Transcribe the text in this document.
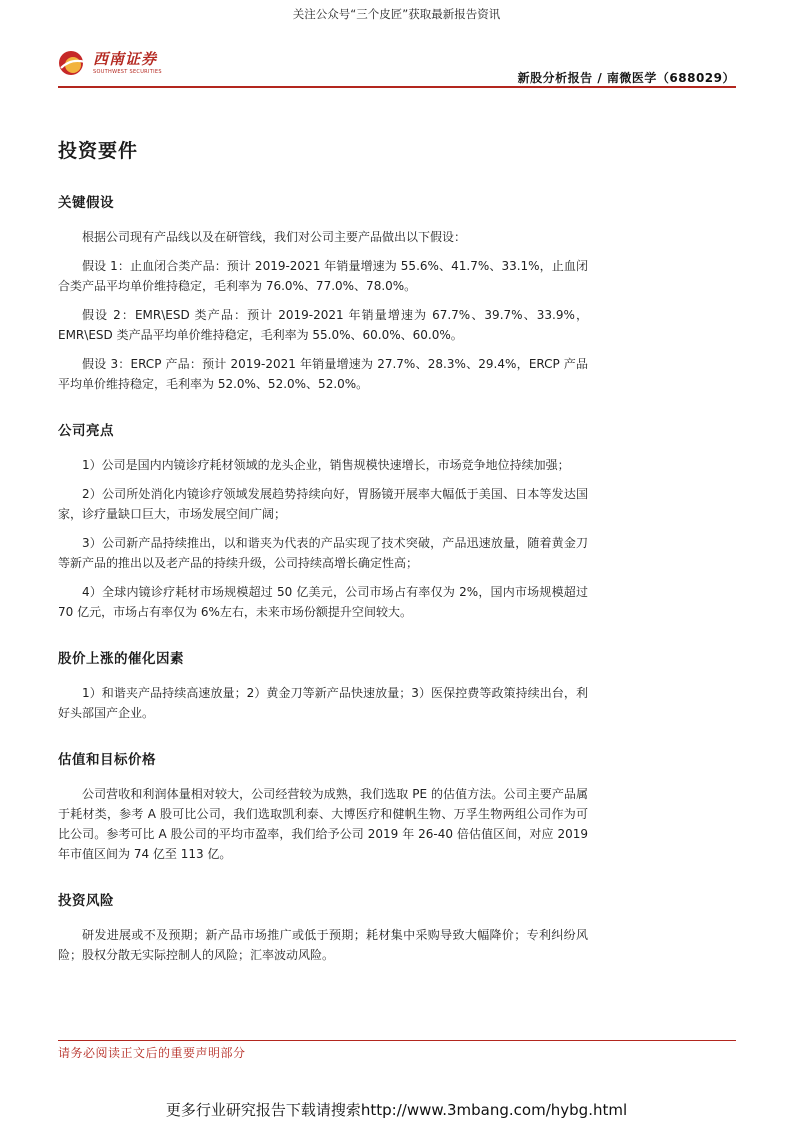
关注公众号“三个皮匠”获取最新报告资讯
西南证券
SOUTHWEST SECURITIES	新股分析报告 / 南微医学（688029）
投资要件
关键假设

根据公司现有产品线以及在研管线，我们对公司主要产品做出以下假设：

假设 1：止血闭合类产品：预计 2019-2021 年销量增速为 55.6%、41.7%、33.1%，止血闭合类产品平均单价维持稳定，毛利率为 76.0%、77.0%、78.0%。

假设 2：EMR\ESD 类产品：预计 2019-2021 年销量增速为 67.7%、39.7%、33.9%，EMR\ESD 类产品平均单价维持稳定，毛利率为 55.0%、60.0%、60.0%。

假设 3：ERCP 产品：预计 2019-2021 年销量增速为 27.7%、28.3%、29.4%，ERCP 产品平均单价维持稳定，毛利率为 52.0%、52.0%、52.0%。

公司亮点

1）公司是国内内镜诊疗耗材领域的龙头企业，销售规模快速增长，市场竞争地位持续加强；

2）公司所处消化内镜诊疗领域发展趋势持续向好，胃肠镜开展率大幅低于美国、日本等发达国家，诊疗量缺口巨大，市场发展空间广阔；

3）公司新产品持续推出，以和谐夹为代表的产品实现了技术突破，产品迅速放量，随着黄金刀等新产品的推出以及老产品的持续升级，公司持续高增长确定性高；

4）全球内镜诊疗耗材市场规模超过 50 亿美元，公司市场占有率仅为 2%，国内市场规模超过 70 亿元，市场占有率仅为 6%左右，未来市场份额提升空间较大。

股价上涨的催化因素

1）和谐夹产品持续高速放量；2）黄金刀等新产品快速放量；3）医保控费等政策持续出台，利好头部国产企业。

估值和目标价格

公司营收和利润体量相对较大，公司经营较为成熟，我们选取 PE 的估值方法。公司主要产品属于耗材类，参考 A 股可比公司，我们选取凯利泰、大博医疗和健帆生物、万孚生物两组公司作为可比公司。参考可比 A 股公司的平均市盈率，我们给予公司 2019 年 26-40 倍估值区间，对应 2019 年市值区间为 74 亿至 113 亿。

投资风险

研发进展或不及预期；新产品市场推广或低于预期；耗材集中采购导致大幅降价；专利纠纷风险；股权分散无实际控制人的风险；汇率波动风险。

请务必阅读正文后的重要声明部分
更多行业研究报告下载请搜索http://www.3mbang.com/hybg.html
